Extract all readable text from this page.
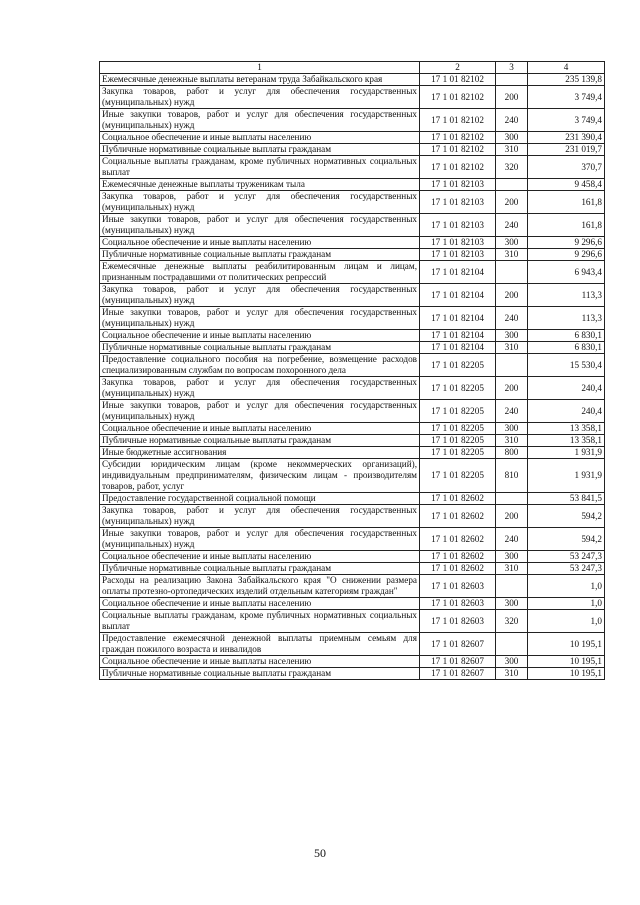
1	2	3	4
Ежемесячные денежные выплаты ветеранам труда Забайкальского края	17 1 01 82102		235 139,8
Закупка товаров, работ и услуг для обеспечения государственных (муниципальных) нужд	17 1 01 82102	200	3 749,4
Иные закупки товаров, работ и услуг для обеспечения государственных (муниципальных) нужд	17 1 01 82102	240	3 749,4
Социальное обеспечение и иные выплаты населению	17 1 01 82102	300	231 390,4
Публичные нормативные социальные выплаты гражданам	17 1 01 82102	310	231 019,7
Социальные выплаты гражданам, кроме публичных нормативных социальных выплат	17 1 01 82102	320	370,7
Ежемесячные денежные выплаты труженикам тыла	17 1 01 82103		9 458,4
Закупка товаров, работ и услуг для обеспечения государственных (муниципальных) нужд	17 1 01 82103	200	161,8
Иные закупки товаров, работ и услуг для обеспечения государственных (муниципальных) нужд	17 1 01 82103	240	161,8
Социальное обеспечение и иные выплаты населению	17 1 01 82103	300	9 296,6
Публичные нормативные социальные выплаты гражданам	17 1 01 82103	310	9 296,6
Ежемесячные денежные выплаты реабилитированным лицам и лицам, признанным пострадавшими от политических репрессий	17 1 01 82104		6 943,4
Закупка товаров, работ и услуг для обеспечения государственных (муниципальных) нужд	17 1 01 82104	200	113,3
Иные закупки товаров, работ и услуг для обеспечения государственных (муниципальных) нужд	17 1 01 82104	240	113,3
Социальное обеспечение и иные выплаты населению	17 1 01 82104	300	6 830,1
Публичные нормативные социальные выплаты гражданам	17 1 01 82104	310	6 830,1
Предоставление социального пособия на погребение, возмещение расходов специализированным службам по вопросам похоронного дела	17 1 01 82205		15 530,4
Закупка товаров, работ и услуг для обеспечения государственных (муниципальных) нужд	17 1 01 82205	200	240,4
Иные закупки товаров, работ и услуг для обеспечения государственных (муниципальных) нужд	17 1 01 82205	240	240,4
Социальное обеспечение и иные выплаты населению	17 1 01 82205	300	13 358,1
Публичные нормативные социальные выплаты гражданам	17 1 01 82205	310	13 358,1
Иные бюджетные ассигнования	17 1 01 82205	800	1 931,9
Субсидии юридическим лицам (кроме некоммерческих организаций), индивидуальным предпринимателям, физическим лицам - производителям товаров, работ, услуг	17 1 01 82205	810	1 931,9
Предоставление государственной социальной помощи	17 1 01 82602		53 841,5
Закупка товаров, работ и услуг для обеспечения государственных (муниципальных) нужд	17 1 01 82602	200	594,2
Иные закупки товаров, работ и услуг для обеспечения государственных (муниципальных) нужд	17 1 01 82602	240	594,2
Социальное обеспечение и иные выплаты населению	17 1 01 82602	300	53 247,3
Публичные нормативные социальные выплаты гражданам	17 1 01 82602	310	53 247,3
Расходы на реализацию Закона Забайкальского края "О снижении размера оплаты протезно-ортопедических изделий отдельным категориям граждан"	17 1 01 82603		1,0
Социальное обеспечение и иные выплаты населению	17 1 01 82603	300	1,0
Социальные выплаты гражданам, кроме публичных нормативных социальных выплат	17 1 01 82603	320	1,0
Предоставление ежемесячной денежной выплаты приемным семьям для граждан пожилого возраста и инвалидов	17 1 01 82607		10 195,1
Социальное обеспечение и иные выплаты населению	17 1 01 82607	300	10 195,1
Публичные нормативные социальные выплаты гражданам	17 1 01 82607	310	10 195,1
50
